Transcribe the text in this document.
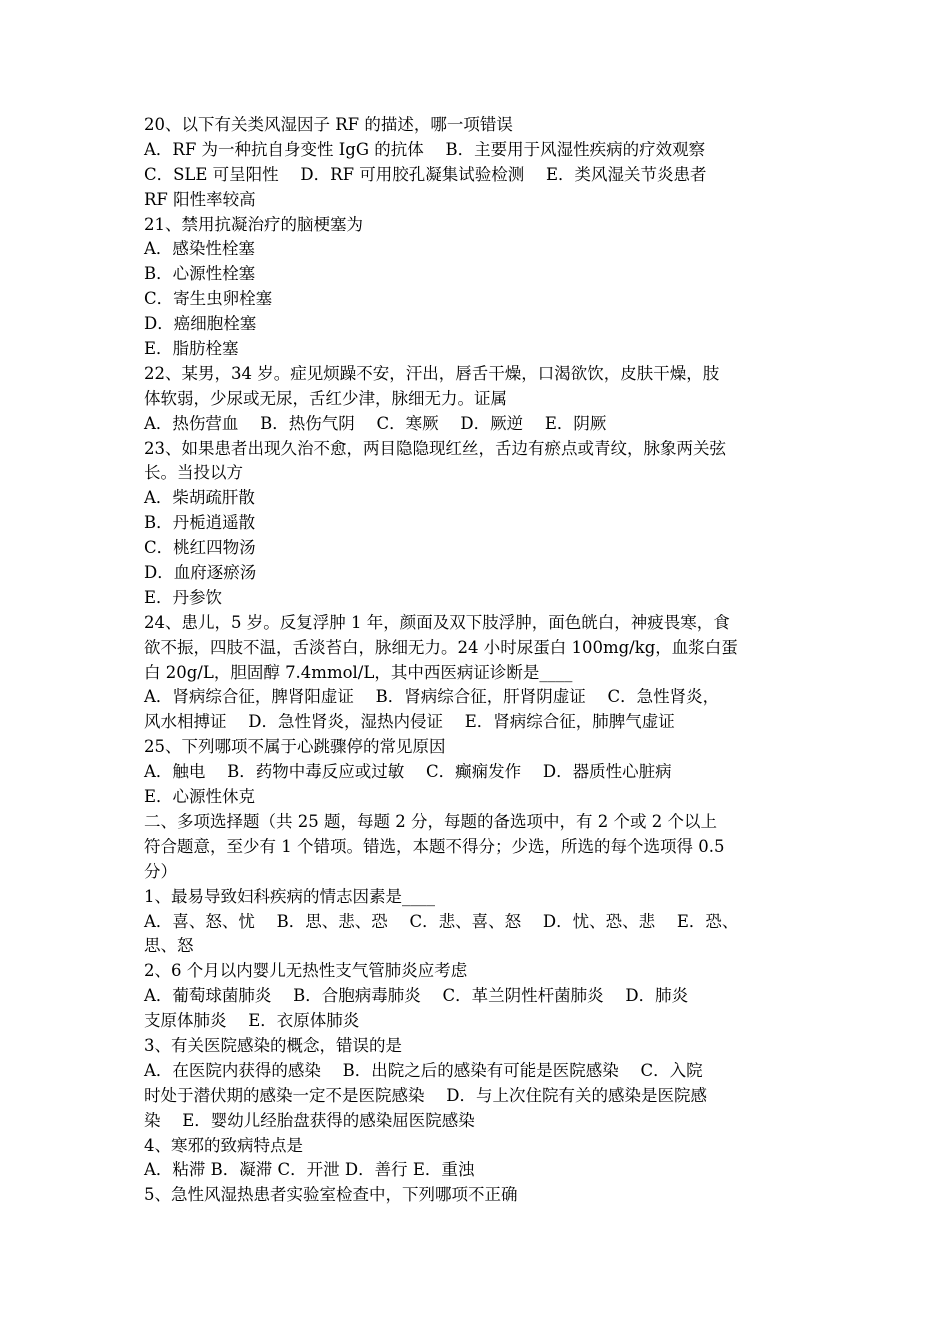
20、以下有关类风湿因子 RF 的描述，哪一项错误
A．RF 为一种抗自身变性 IgG 的抗体　 B．主要用于风湿性疾病的疗效观察
C．SLE 可呈阳性　 D．RF 可用胶孔凝集试验检测　 E．类风湿关节炎患者
RF 阳性率较高
21、禁用抗凝治疗的脑梗塞为
A．感染性栓塞
B．心源性栓塞
C．寄生虫卵栓塞
D．癌细胞栓塞
E．脂肪栓塞
22、某男，34 岁。症见烦躁不安，汗出，唇舌干燥，口渴欲饮，皮肤干燥，肢
体软弱，少尿或无尿，舌红少津，脉细无力。证属
A．热伤营血　 B．热伤气阴　 C．寒厥　 D．厥逆　 E．阴厥
23、如果患者出现久治不愈，两目隐隐现红丝，舌边有瘀点或青纹，脉象两关弦
长。当投以方
A．柴胡疏肝散
B．丹栀逍遥散
C．桃红四物汤
D．血府逐瘀汤
E．丹参饮
24、患儿，5 岁。反复浮肿 1 年，颜面及双下肢浮肿，面色㿠白，神疲畏寒，食
欲不振，四肢不温，舌淡苔白，脉细无力。24 小时尿蛋白 100mg/kg，血浆白蛋
白 20g/L，胆固醇 7.4mmol/L，其中西医病证诊断是____
A．肾病综合征，脾肾阳虚证　 B．肾病综合征，肝肾阴虚证　 C．急性肾炎，
风水相搏证　 D．急性肾炎，湿热内侵证　 E．肾病综合征，肺脾气虚证
25、下列哪项不属于心跳骤停的常见原因
A．触电　 B．药物中毒反应或过敏　 C．癫痫发作　 D．器质性心脏病
E．心源性休克
二、多项选择题（共 25 题，每题 2 分，每题的备选项中，有 2 个或 2 个以上
符合题意，至少有 1 个错项。错选，本题不得分；少选，所选的每个选项得 0.5
分）
1、最易导致妇科疾病的情志因素是____
A．喜、怒、忧　 B．思、悲、恐　 C．悲、喜、怒　 D．忧、恐、悲　 E．恐、
思、怒
2、6 个月以内婴儿无热性支气管肺炎应考虑
A．葡萄球菌肺炎　 B．合胞病毒肺炎　 C．革兰阴性杆菌肺炎　 D．肺炎
支原体肺炎　 E．衣原体肺炎
3、有关医院感染的概念，错误的是
A．在医院内获得的感染　 B．出院之后的感染有可能是医院感染　 C．入院
时处于潜伏期的感染一定不是医院感染　 D．与上次住院有关的感染是医院感
染　 E．婴幼儿经胎盘获得的感染屈医院感染
4、寒邪的致病特点是
A．粘滞 B．凝滞 C．开泄 D．善行 E．重浊
5、急性风湿热患者实验室检查中，下列哪项不正确
